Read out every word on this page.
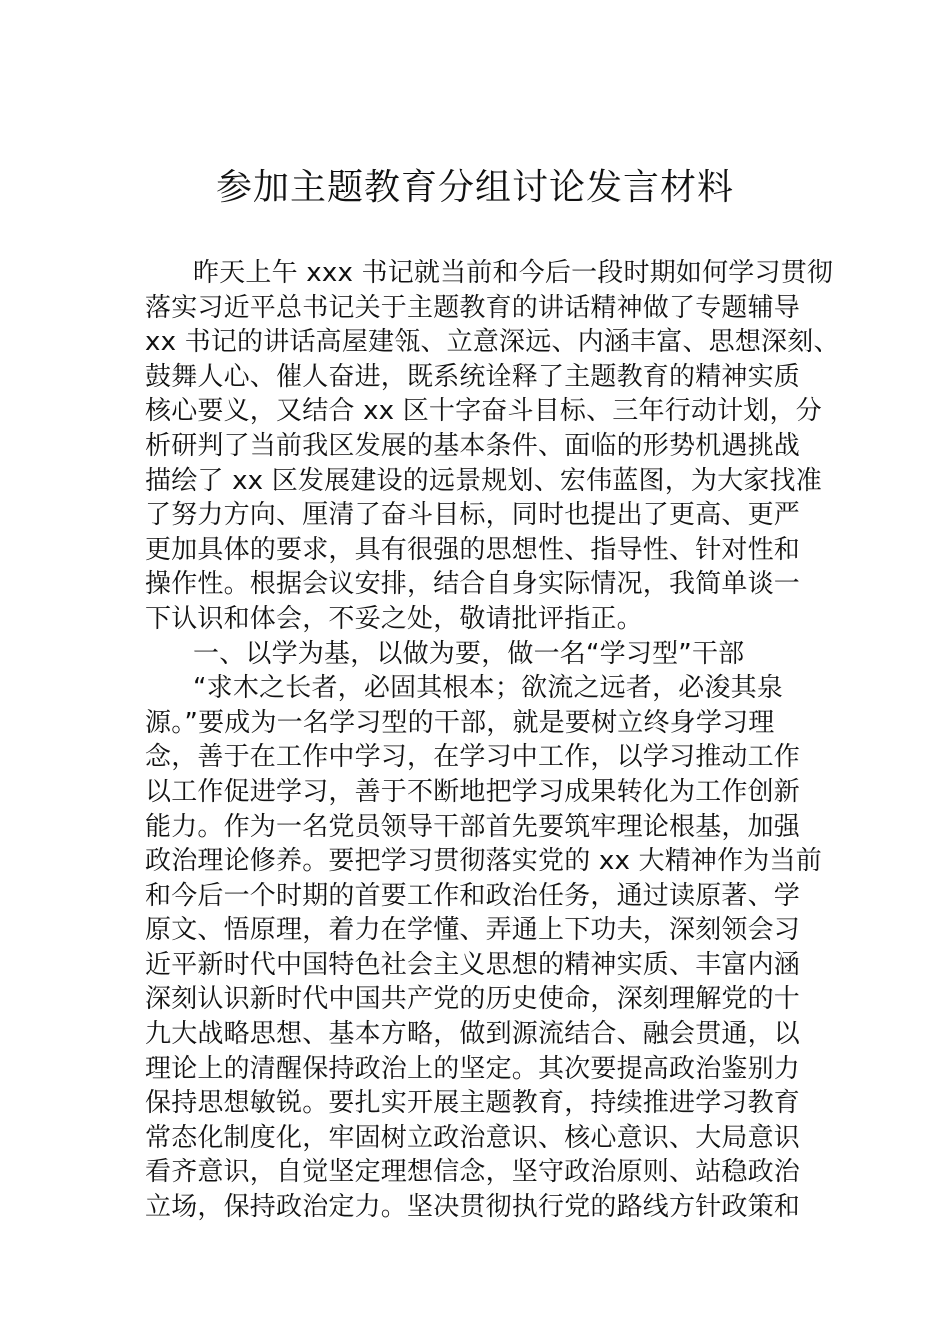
参加主题教育分组讨论发言材料
昨天上午 xxx 书记就当前和今后一段时期如何学习贯彻
落实习近平总书记关于主题教育的讲话精神做了专题辅导
xx 书记的讲话高屋建瓴、立意深远、内涵丰富、思想深刻、
鼓舞人心、催人奋进，既系统诠释了主题教育的精神实质
核心要义，又结合 xx 区十字奋斗目标、三年行动计划，分
析研判了当前我区发展的基本条件、面临的形势机遇挑战
描绘了 xx 区发展建设的远景规划、宏伟蓝图，为大家找准
了努力方向、厘清了奋斗目标，同时也提出了更高、更严
更加具体的要求，具有很强的思想性、指导性、针对性和
操作性。根据会议安排，结合自身实际情况，我简单谈一
下认识和体会，不妥之处，敬请批评指正。
一、以学为基，以做为要，做一名“学习型”干部
“求木之长者，必固其根本；欲流之远者，必浚其泉
源。”要成为一名学习型的干部，就是要树立终身学习理
念，善于在工作中学习，在学习中工作，以学习推动工作
以工作促进学习，善于不断地把学习成果转化为工作创新
能力。作为一名党员领导干部首先要筑牢理论根基，加强
政治理论修养。要把学习贯彻落实党的 xx 大精神作为当前
和今后一个时期的首要工作和政治任务，通过读原著、学
原文、悟原理，着力在学懂、弄通上下功夫，深刻领会习
近平新时代中国特色社会主义思想的精神实质、丰富内涵
深刻认识新时代中国共产党的历史使命，深刻理解党的十
九大战略思想、基本方略，做到源流结合、融会贯通，以
理论上的清醒保持政治上的坚定。其次要提高政治鉴别力
保持思想敏锐。要扎实开展主题教育，持续推进学习教育
常态化制度化，牢固树立政治意识、核心意识、大局意识
看齐意识，自觉坚定理想信念，坚守政治原则、站稳政治
立场，保持政治定力。坚决贯彻执行党的路线方针政策和
